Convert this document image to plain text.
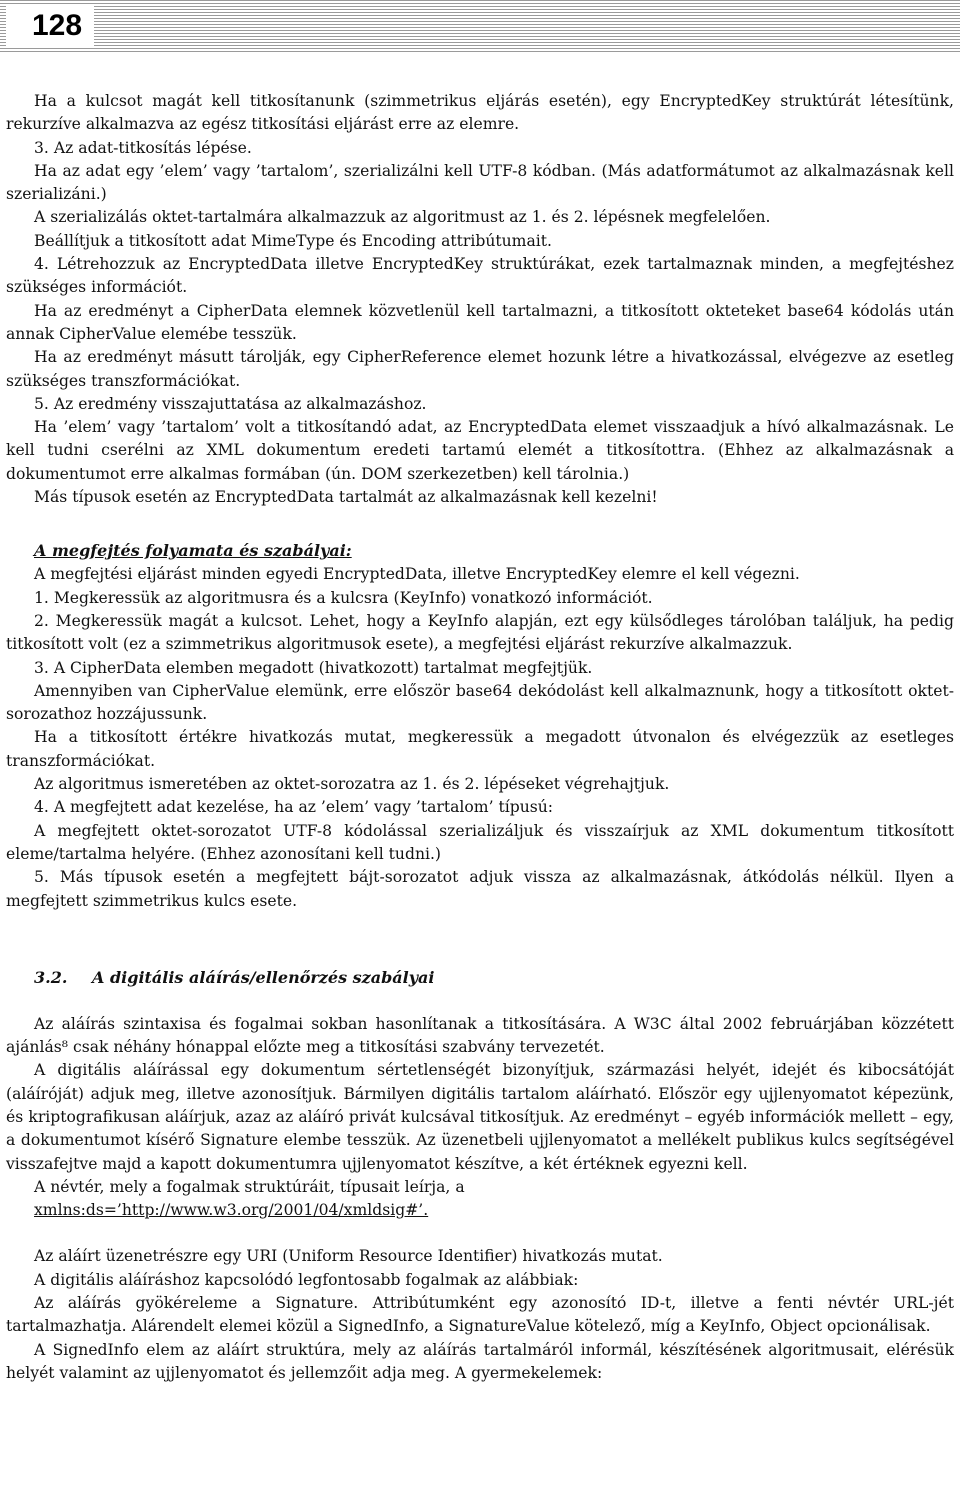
128

Ha a kulcsot magát kell titkosítanunk (szimmetrikus eljárás esetén), egy EncryptedKey struktúrát létesítünk, rekurzíve alkalmazva az egész titkosítási eljárást erre az elemre.

3. Az adat-titkosítás lépése.

Ha az adat egy ’elem’ vagy ’tartalom’, szerializálni kell UTF-8 kódban. (Más adatformátumot az alkalmazásnak kell szerializáni.)

A szerializálás oktet-tartalmára alkalmazzuk az algoritmust az 1. és 2. lépésnek megfelelően.

Beállítjuk a titkosított adat MimeType és Encoding attribútumait.

4. Létrehozzuk az EncryptedData illetve EncryptedKey struktúrákat, ezek tartalmaznak minden, a megfejtéshez szükséges információt.

Ha az eredményt a CipherData elemnek közvetlenül kell tartalmazni, a titkosított okteteket base64 kódolás után annak CipherValue elemébe tesszük.

Ha az eredményt másutt tárolják, egy CipherReference elemet hozunk létre a hivatkozással, elvégezve az esetleg szükséges transzformációkat.

5. Az eredmény visszajuttatása az alkalmazáshoz.

Ha ’elem’ vagy ’tartalom’ volt a titkosítandó adat, az EncryptedData elemet visszaadjuk a hívó alkalmazásnak. Le kell tudni cserélni az XML dokumentum eredeti tartamú elemét a titkosítottra. (Ehhez az alkalmazásnak a dokumentumot erre alkalmas formában (ún. DOM szerkezetben) kell tárolnia.)

Más típusok esetén az EncryptedData tartalmát az alkalmazásnak kell kezelni!

A megfejtés folyamata és szabályai:

A megfejtési eljárást minden egyedi EncryptedData, illetve EncryptedKey elemre el kell végezni.

1. Megkeressük az algoritmusra és a kulcsra (KeyInfo) vonatkozó információt.

2. Megkeressük magát a kulcsot. Lehet, hogy a KeyInfo alapján, ezt egy külsődleges tárolóban találjuk, ha pedig titkosított volt (ez a szimmetrikus algoritmusok esete), a megfejtési eljárást rekurzíve alkalmazzuk.

3. A CipherData elemben megadott (hivatkozott) tartalmat megfejtjük.

Amennyiben van CipherValue elemünk, erre először base64 dekódolást kell alkalmaznunk, hogy a titkosított oktet-sorozathoz hozzájussunk.

Ha a titkosított értékre hivatkozás mutat, megkeressük a megadott útvonalon és elvégezzük az esetleges transzformációkat.

Az algoritmus ismeretében az oktet-sorozatra az 1. és 2. lépéseket végrehajtjuk.

4. A megfejtett adat kezelése, ha az ’elem’ vagy ’tartalom’ típusú:

A megfejtett oktet-sorozatot UTF-8 kódolással szerializáljuk és visszaírjuk az XML dokumentum titkosított eleme/tartalma helyére. (Ehhez azonosítani kell tudni.)

5. Más típusok esetén a megfejtett bájt-sorozatot adjuk vissza az alkalmazásnak, átkódolás nélkül. Ilyen a megfejtett szimmetrikus kulcs esete.

3.2. A digitális aláírás/ellenőrzés szabályai

Az aláírás szintaxisa és fogalmai sokban hasonlítanak a titkosítására. A W3C által 2002 februárjában közzétett ajánlás⁸ csak néhány hónappal előzte meg a titkosítási szabvány tervezetét.

A digitális aláírással egy dokumentum sértetlenségét bizonyítjuk, származási helyét, idejét és kibocsátóját (aláíróját) adjuk meg, illetve azonosítjuk. Bármilyen digitális tartalom aláírható. Először egy ujjlenyomatot képezünk, és kriptografikusan aláírjuk, azaz az aláíró privát kulcsával titkosítjuk. Az eredményt – egyéb információk mellett – egy, a dokumentumot kísérő Signature elembe tesszük. Az üzenetbeli ujjlenyomatot a mellékelt publikus kulcs segítségével visszafejtve majd a kapott dokumentumra ujjlenyomatot készítve, a két értéknek egyezni kell.

A névtér, mely a fogalmak struktúráit, típusait leírja, a

xmlns:ds=’http://www.w3.org/2001/04/xmldsig#’.

Az aláírt üzenetrészre egy URI (Uniform Resource Identifier) hivatkozás mutat.

A digitális aláíráshoz kapcsolódó legfontosabb fogalmak az alábbiak:

Az aláírás gyökéreleme a Signature. Attribútumként egy azonosító ID-t, illetve a fenti névtér URL-jét tartalmazhatja. Alárendelt elemei közül a SignedInfo, a SignatureValue kötelező, míg a KeyInfo, Object opcionálisak.

A SignedInfo elem az aláírt struktúra, mely az aláírás tartalmáról informál, készítésének algoritmusait, elérésük helyét valamint az ujjlenyomatot és jellemzőit adja meg. A gyermekelemek:
